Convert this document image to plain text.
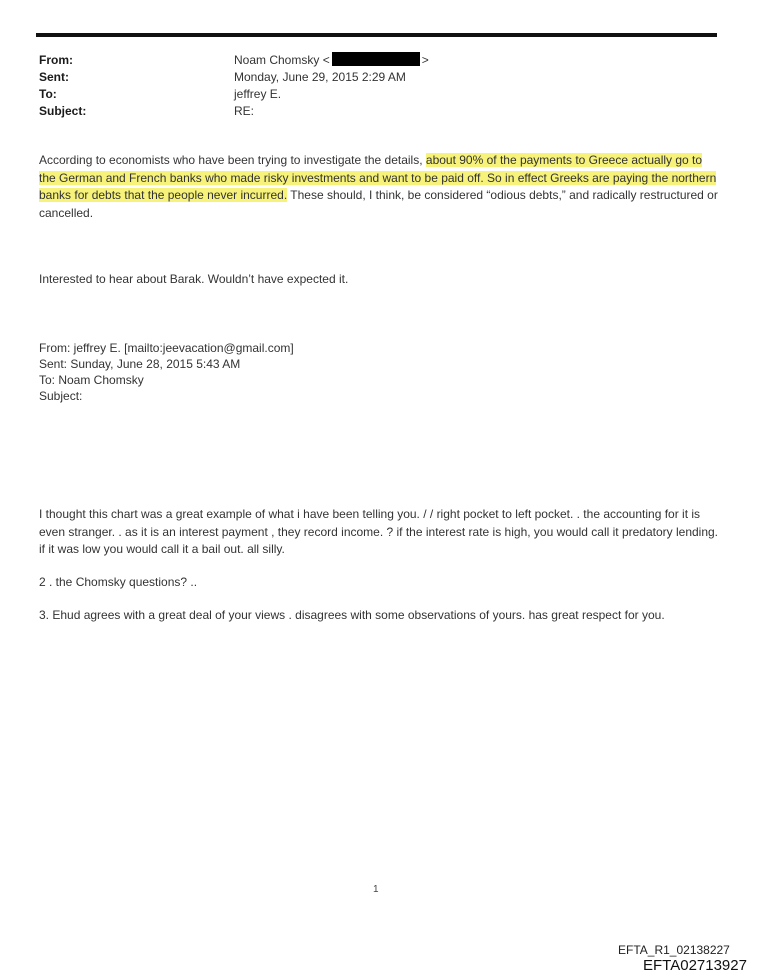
From:	Noam Chomsky <	>
Sent:	Monday, June 29, 2015 2:29 AM
To:	jeffrey E.
Subject:	RE:
According to economists who have been trying to investigate the details, about 90% of the payments to Greece actually go to the German and French banks who made risky investments and want to be paid off. So in effect Greeks are paying the northern banks for debts that the people never incurred. These should, I think, be considered “odious debts,” and radically restructured or cancelled.
Interested to hear about Barak. Wouldn’t have expected it.
From: jeffrey E. [mailto:jeevacation@gmail.com]
Sent: Sunday, June 28, 2015 5:43 AM
To: Noam Chomsky
Subject:
I thought this chart was a great example of what i have been telling you. / / right pocket to left pocket. . the accounting for it is even stranger. . as it is an interest payment , they record income. ? if the interest rate is high, you would call it predatory lending. if it was low you would call it a bail out. all silly.
2 . the Chomsky questions? ..
3. Ehud agrees with a great deal of your views . disagrees with some observations of yours. has great respect for you.
1
EFTA_R1_02138227
EFTA02713927
